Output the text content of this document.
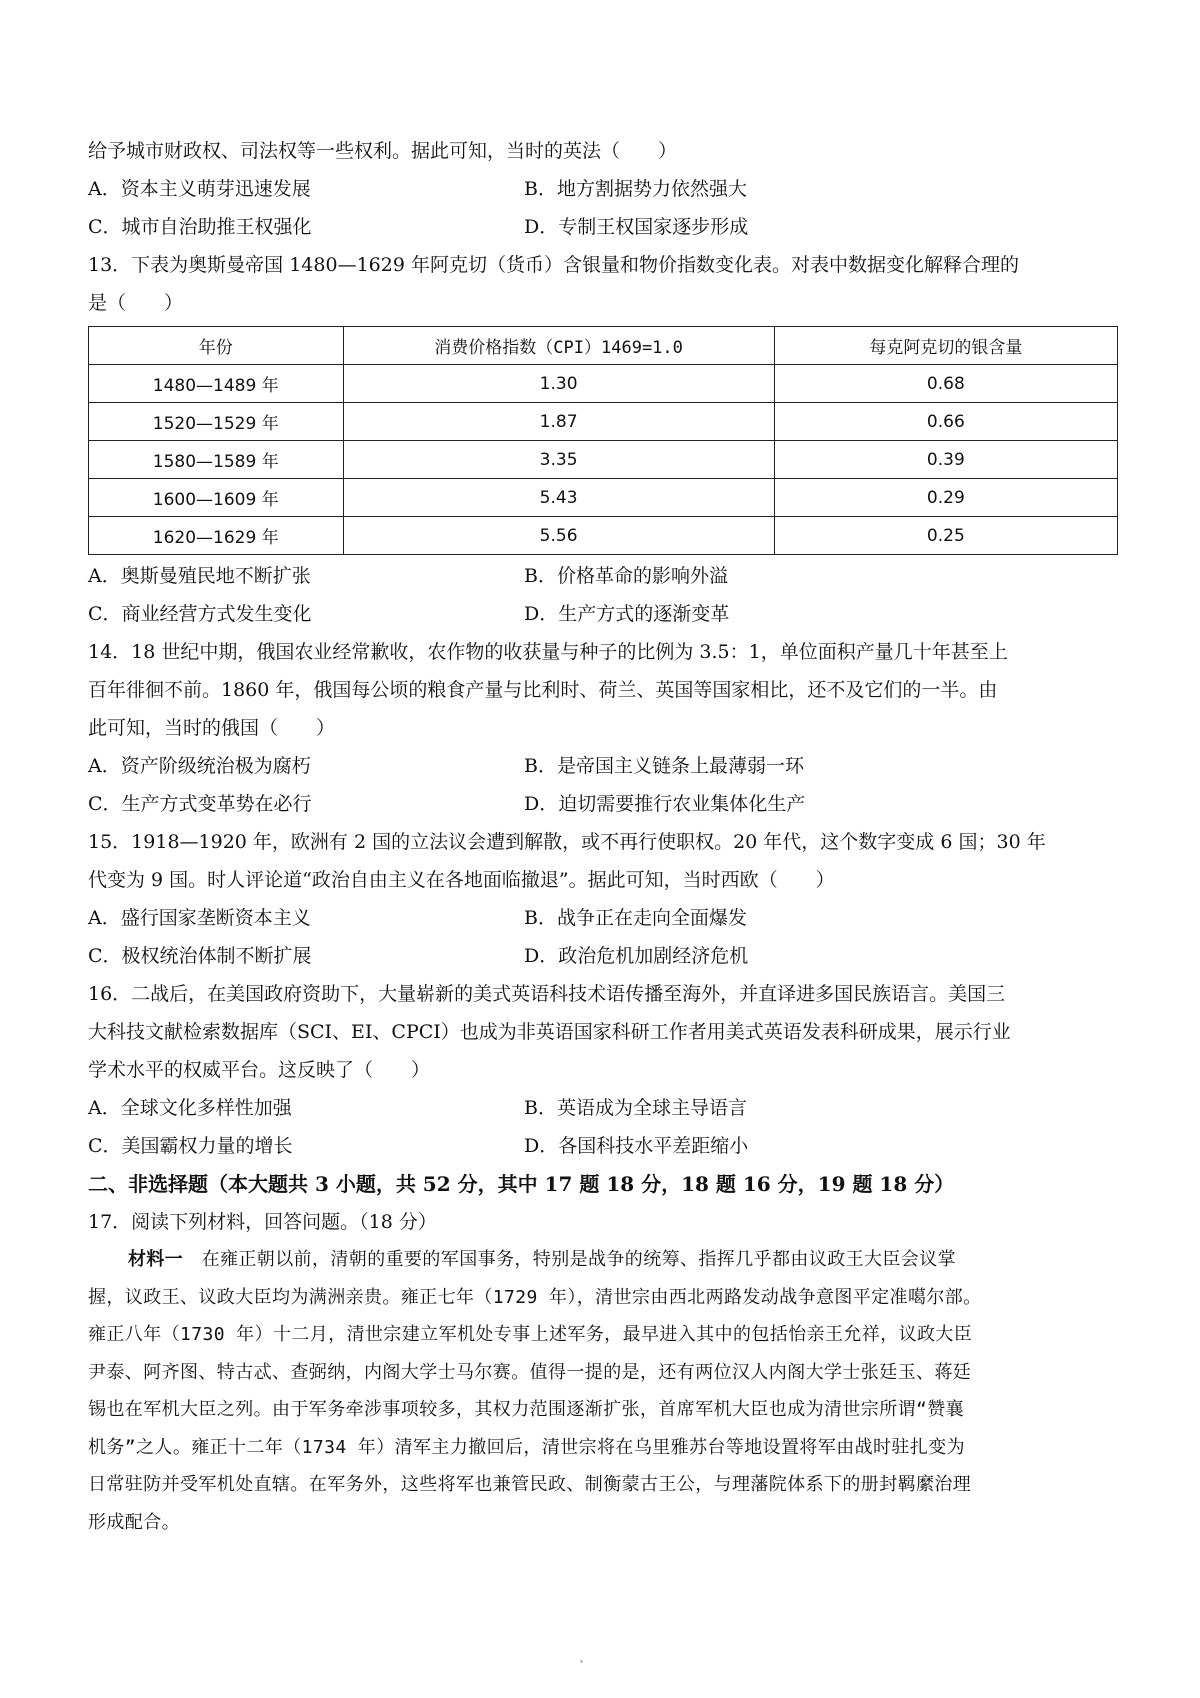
给予城市财政权、司法权等一些权利。据此可知，当时的英法（　　）
A．资本主义萌芽迅速发展	B．地方割据势力依然强大
C．城市自治助推王权强化	D．专制王权国家逐步形成
13．下表为奥斯曼帝国 1480—1629 年阿克切（货币）含银量和物价指数变化表。对表中数据变化解释合理的
是（　　）
年份	消费价格指数（CPI）1469=1.0	每克阿克切的银含量
1480—1489 年	1.30	0.68
1520—1529 年	1.87	0.66
1580—1589 年	3.35	0.39
1600—1609 年	5.43	0.29
1620—1629 年	5.56	0.25
A．奥斯曼殖民地不断扩张	B．价格革命的影响外溢
C．商业经营方式发生变化	D．生产方式的逐渐变革
14．18 世纪中期，俄国农业经常歉收，农作物的收获量与种子的比例为 3.5：1，单位面积产量几十年甚至上
百年徘徊不前。1860 年，俄国每公顷的粮食产量与比利时、荷兰、英国等国家相比，还不及它们的一半。由
此可知，当时的俄国（　　）
A．资产阶级统治极为腐朽	B．是帝国主义链条上最薄弱一环
C．生产方式变革势在必行	D．迫切需要推行农业集体化生产
15．1918—1920 年，欧洲有 2 国的立法议会遭到解散，或不再行使职权。20 年代，这个数字变成 6 国；30 年
代变为 9 国。时人评论道“政治自由主义在各地面临撤退”。据此可知，当时西欧（　　）
A．盛行国家垄断资本主义	B．战争正在走向全面爆发
C．极权统治体制不断扩展	D．政治危机加剧经济危机
16．二战后，在美国政府资助下，大量崭新的美式英语科技术语传播至海外，并直译进多国民族语言。美国三
大科技文献检索数据库（SCI、EI、CPCI）也成为非英语国家科研工作者用美式英语发表科研成果，展示行业
学术水平的权威平台。这反映了（　　）
A．全球文化多样性加强	B．英语成为全球主导语言
C．美国霸权力量的增长	D．各国科技水平差距缩小
二、非选择题（本大题共 3 小题，共 52 分，其中 17 题 18 分，18 题 16 分，19 题 18 分）
17．阅读下列材料，回答问题。（18 分）
材料一　在雍正朝以前，清朝的重要的军国事务，特别是战争的统筹、指挥几乎都由议政王大臣会议掌
握，议政王、议政大臣均为满洲亲贵。雍正七年（1729 年），清世宗由西北两路发动战争意图平定准噶尔部。
雍正八年（1730 年）十二月，清世宗建立军机处专事上述军务，最早进入其中的包括怡亲王允祥，议政大臣
尹泰、阿齐图、特古忒、查弼纳，内阁大学士马尔赛。值得一提的是，还有两位汉人内阁大学士张廷玉、蒋廷
锡也在军机大臣之列。由于军务牵涉事项较多，其权力范围逐渐扩张，首席军机大臣也成为清世宗所谓“赞襄
机务”之人。雍正十二年（1734 年）清军主力撤回后，清世宗将在乌里雅苏台等地设置将军由战时驻扎变为
日常驻防并受军机处直辖。在军务外，这些将军也兼管民政、制衡蒙古王公，与理藩院体系下的册封羁縻治理
形成配合。
